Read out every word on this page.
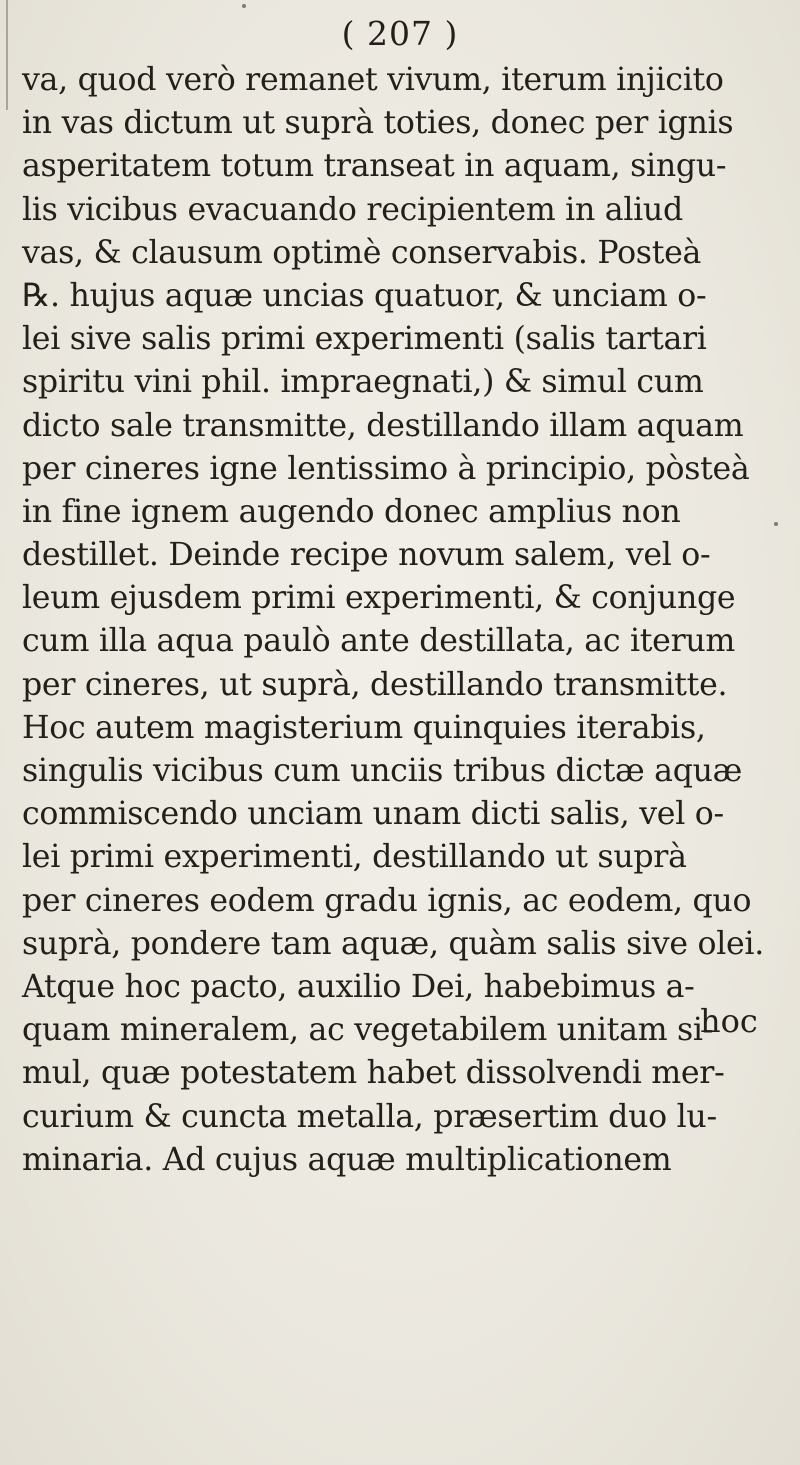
( 207 )
va, quod verò remanet vivum, iterum injicito
in vas dictum ut suprà toties, donec per ignis
asperitatem totum transeat in aquam, singu-
lis vicibus evacuando recipientem in aliud
vas, & clausum optimè conservabis. Posteà
℞. hujus aquæ uncias quatuor, & unciam o-
lei sive salis primi experimenti (salis tartari
spiritu vini phil. impraegnati,) & simul cum
dicto sale transmitte, destillando illam aquam
per cineres igne lentissimo à principio, pòsteà
in fine ignem augendo donec amplius non
destillet. Deinde recipe novum salem, vel o-
leum ejusdem primi experimenti, & conjunge
cum illa aqua paulò ante destillata, ac iterum
per cineres, ut suprà, destillando transmitte.
Hoc autem magisterium quinquies iterabis,
singulis vicibus cum unciis tribus dictæ aquæ
commiscendo unciam unam dicti salis, vel o-
lei primi experimenti, destillando ut suprà
per cineres eodem gradu ignis, ac eodem, quo
suprà, pondere tam aquæ, quàm salis sive olei.
Atque hoc pacto, auxilio Dei, habebimus a-
quam mineralem, ac vegetabilem unitam si-
mul, quæ potestatem habet dissolvendi mer-
curium & cuncta metalla, præsertim duo lu-
minaria. Ad cujus aquæ multiplicationem
hoc
